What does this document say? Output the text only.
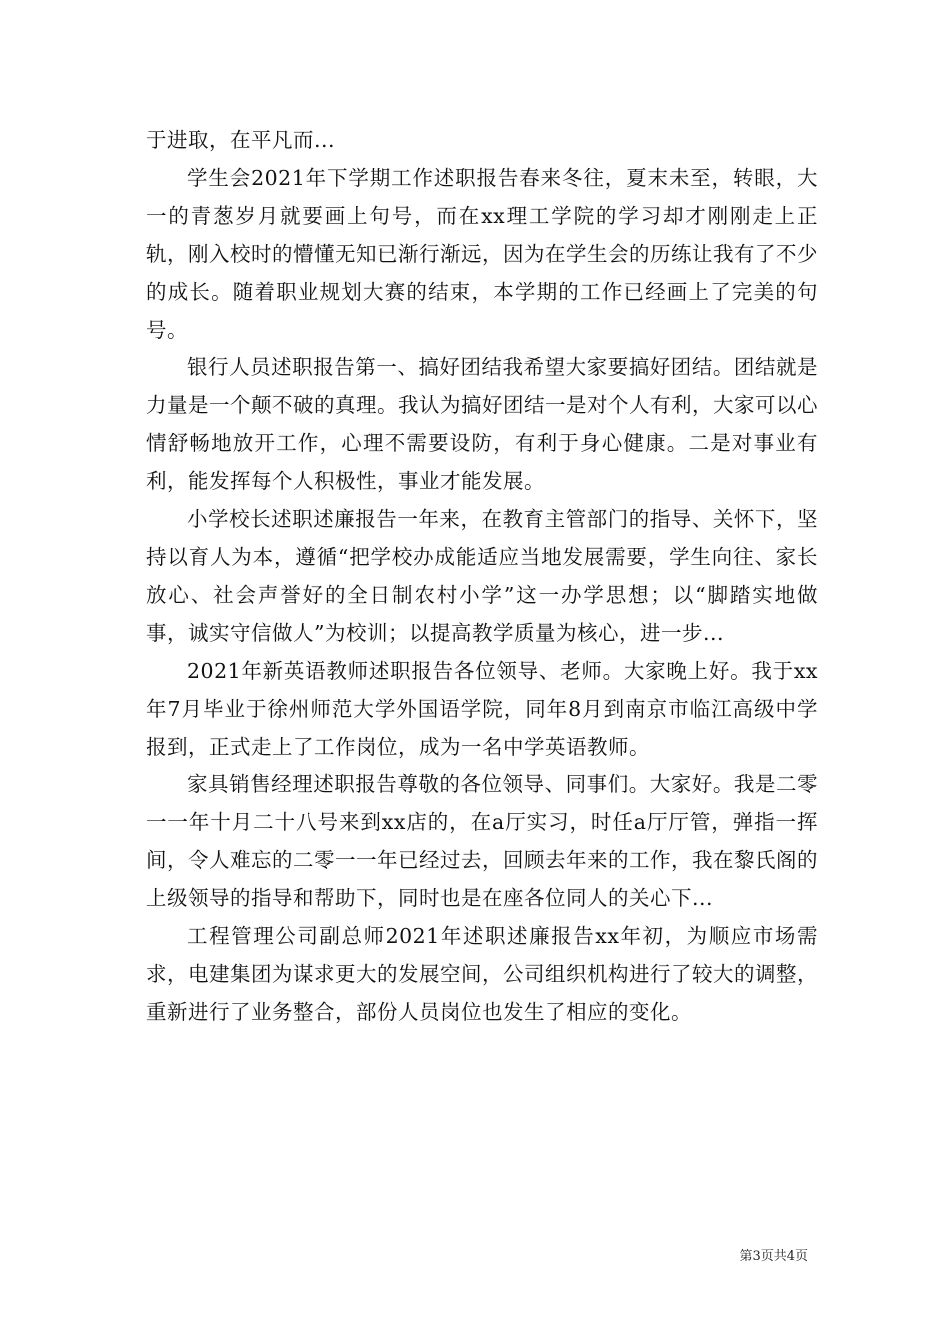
于进取，在平凡而...

学生会2021年下学期工作述职报告春来冬往，夏末未至，转眼，大一的青葱岁月就要画上句号，而在xx理工学院的学习却才刚刚走上正轨，刚入校时的懵懂无知已渐行渐远，因为在学生会的历练让我有了不少的成长。随着职业规划大赛的结束，本学期的工作已经画上了完美的句号。

银行人员述职报告第一、搞好团结我希望大家要搞好团结。团结就是力量是一个颠不破的真理。我认为搞好团结一是对个人有利，大家可以心情舒畅地放开工作，心理不需要设防，有利于身心健康。二是对事业有利，能发挥每个人积极性，事业才能发展。

小学校长述职述廉报告一年来，在教育主管部门的指导、关怀下，坚持以育人为本，遵循“把学校办成能适应当地发展需要，学生向往、家长放心、社会声誉好的全日制农村小学”这一办学思想；以“脚踏实地做事，诚实守信做人”为校训；以提高教学质量为核心，进一步...

2021年新英语教师述职报告各位领导、老师。大家晚上好。我于xx年7月毕业于徐州师范大学外国语学院，同年8月到南京市临江高级中学报到，正式走上了工作岗位，成为一名中学英语教师。

家具销售经理述职报告尊敬的各位领导、同事们。大家好。我是二零一一年十月二十八号来到xx店的，在a厅实习，时任a厅厅管，弹指一挥间，令人难忘的二零一一年已经过去，回顾去年来的工作，我在黎氏阁的上级领导的指导和帮助下，同时也是在座各位同人的关心下...

工程管理公司副总师2021年述职述廉报告xx年初，为顺应市场需求，电建集团为谋求更大的发展空间，公司组织机构进行了较大的调整，重新进行了业务整合，部份人员岗位也发生了相应的变化。

第3页共4页
